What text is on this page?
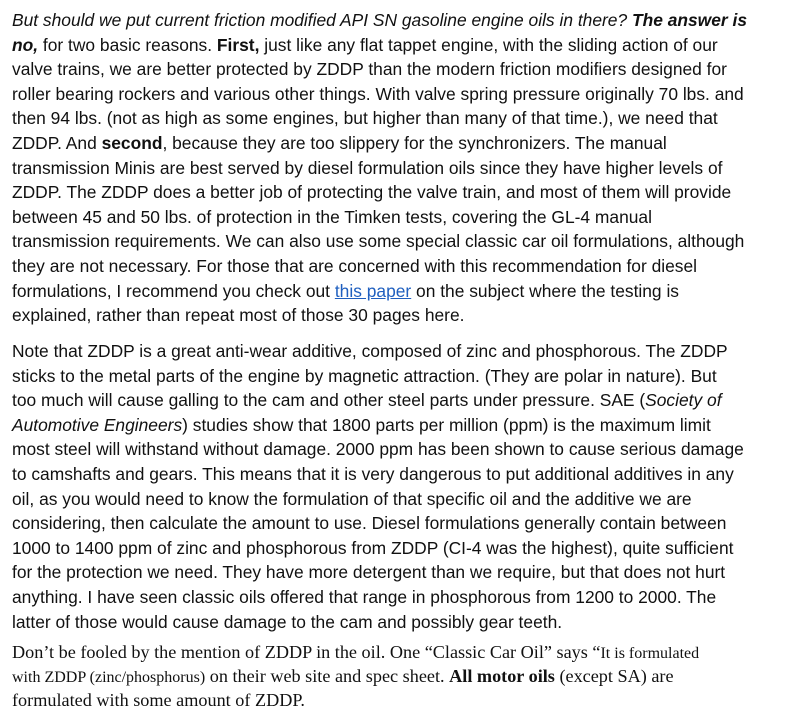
But should we put current friction modified API SN gasoline engine oils in there? The answer is
no, for two basic reasons. First, just like any flat tappet engine, with the sliding action of our
valve trains, we are better protected by ZDDP than the modern friction modifiers designed for
roller bearing rockers and various other things. With valve spring pressure originally 70 lbs. and
then 94 lbs. (not as high as some engines, but higher than many of that time.), we need that
ZDDP. And second, because they are too slippery for the synchronizers. The manual
transmission Minis are best served by diesel formulation oils since they have higher levels of
ZDDP. The ZDDP does a better job of protecting the valve train, and most of them will provide
between 45 and 50 lbs. of protection in the Timken tests, covering the GL-4 manual
transmission requirements. We can also use some special classic car oil formulations, although
they are not necessary. For those that are concerned with this recommendation for diesel
formulations, I recommend you check out this paper on the subject where the testing is
explained, rather than repeat most of those 30 pages here.
Note that ZDDP is a great anti-wear additive, composed of zinc and phosphorous. The ZDDP
sticks to the metal parts of the engine by magnetic attraction. (They are polar in nature). But
too much will cause galling to the cam and other steel parts under pressure. SAE (Society of
Automotive Engineers) studies show that 1800 parts per million (ppm) is the maximum limit
most steel will withstand without damage. 2000 ppm has been shown to cause serious damage
to camshafts and gears. This means that it is very dangerous to put additional additives in any
oil, as you would need to know the formulation of that specific oil and the additive we are
considering, then calculate the amount to use. Diesel formulations generally contain between
1000 to 1400 ppm of zinc and phosphorous from ZDDP (CI-4 was the highest), quite sufficient
for the protection we need. They have more detergent than we require, but that does not hurt
anything. I have seen classic oils offered that range in phosphorous from 1200 to 2000. The
latter of those would cause damage to the cam and possibly gear teeth.
Don’t be fooled by the mention of ZDDP in the oil. One “Classic Car Oil” says “It is formulated
with ZDDP (zinc/phosphorus) on their web site and spec sheet. All motor oils (except SA) are
formulated with some amount of ZDDP.
